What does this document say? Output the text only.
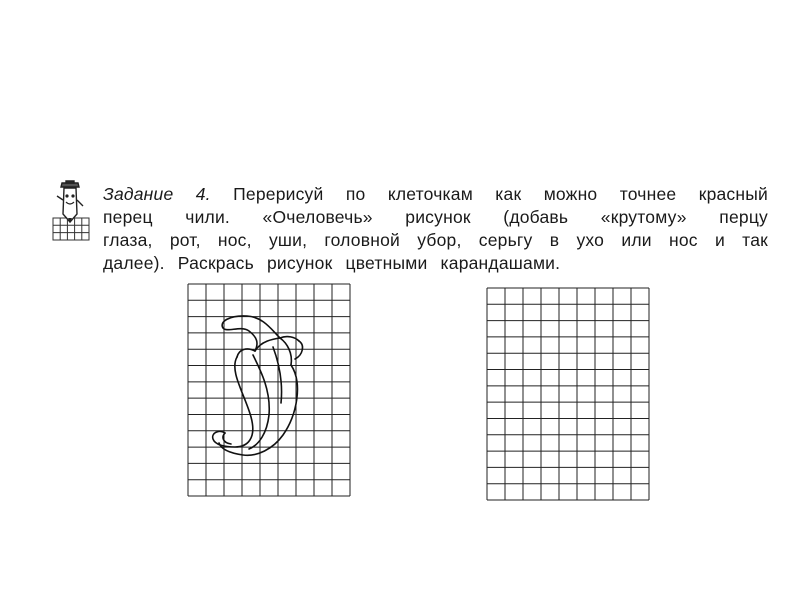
Задание 4. Перерисуй по клеточкам как можно точнее красный
перец чили. «Очеловечь» рисунок (добавь «крутому» перцу
глаза, рот, нос, уши, головной убор, серьгу в ухо или нос и так
далее). Раскрась рисунок цветными карандашами.
